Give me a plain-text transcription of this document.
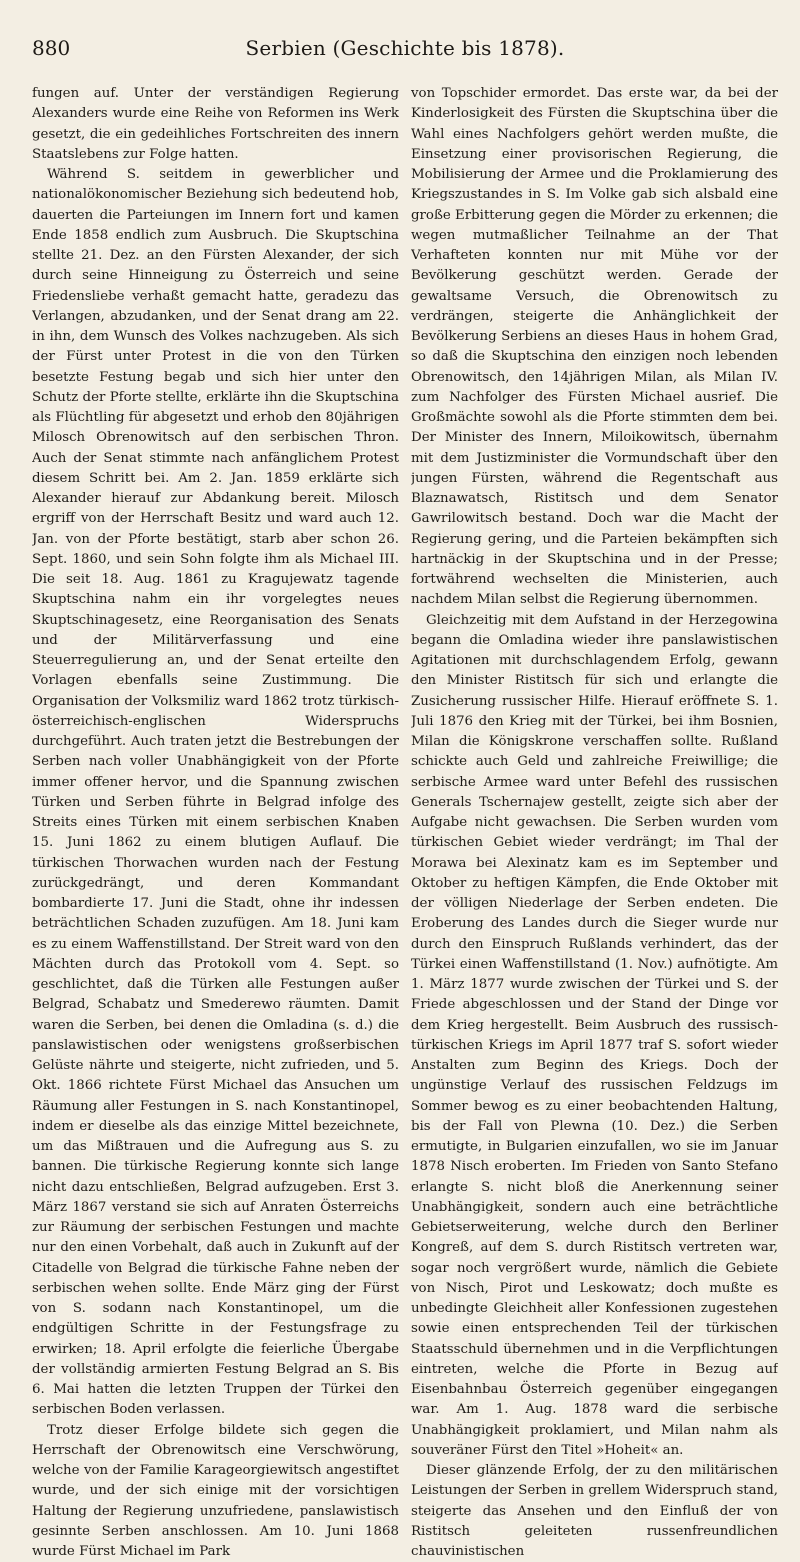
880	Serbien (Geschichte bis 1878).

fungen auf. Unter der verständigen Regierung Alexanders wurde eine Reihe von Reformen ins Werk gesetzt, die ein gedeihliches Fortschreiten des innern Staatslebens zur Folge hatten.

Während S. seitdem in gewerblicher und nationalökonomischer Beziehung sich bedeutend hob, dauerten die Parteiungen im Innern fort und kamen Ende 1858 endlich zum Ausbruch. Die Skuptschina stellte 21. Dez. an den Fürsten Alexander, der sich durch seine Hinneigung zu Österreich und seine Friedensliebe verhaßt gemacht hatte, geradezu das Verlangen, abzudanken, und der Senat drang am 22. in ihn, dem Wunsch des Volkes nachzugeben. Als sich der Fürst unter Protest in die von den Türken besetzte Festung begab und sich hier unter den Schutz der Pforte stellte, erklärte ihn die Skuptschina als Flüchtling für abgesetzt und erhob den 80jährigen Milosch Obrenowitsch auf den serbischen Thron. Auch der Senat stimmte nach anfänglichem Protest diesem Schritt bei. Am 2. Jan. 1859 erklärte sich Alexander hierauf zur Abdankung bereit. Milosch ergriff von der Herrschaft Besitz und ward auch 12. Jan. von der Pforte bestätigt, starb aber schon 26. Sept. 1860, und sein Sohn folgte ihm als Michael III. Die seit 18. Aug. 1861 zu Kragujewatz tagende Skuptschina nahm ein ihr vorgelegtes neues Skuptschinagesetz, eine Reorganisation des Senats und der Militärverfassung und eine Steuerregulierung an, und der Senat erteilte den Vorlagen ebenfalls seine Zustimmung. Die Organisation der Volksmiliz ward 1862 trotz türkisch-österreichisch-englischen Widerspruchs durchgeführt. Auch traten jetzt die Bestrebungen der Serben nach voller Unabhängigkeit von der Pforte immer offener hervor, und die Spannung zwischen Türken und Serben führte in Belgrad infolge des Streits eines Türken mit einem serbischen Knaben 15. Juni 1862 zu einem blutigen Auflauf. Die türkischen Thorwachen wurden nach der Festung zurückgedrängt, und deren Kommandant bombardierte 17. Juni die Stadt, ohne ihr indessen beträchtlichen Schaden zuzufügen. Am 18. Juni kam es zu einem Waffenstillstand. Der Streit ward von den Mächten durch das Protokoll vom 4. Sept. so geschlichtet, daß die Türken alle Festungen außer Belgrad, Schabatz und Smederewo räumten. Damit waren die Serben, bei denen die Omladina (s. d.) die panslawistischen oder wenigstens großserbischen Gelüste nährte und steigerte, nicht zufrieden, und 5. Okt. 1866 richtete Fürst Michael das Ansuchen um Räumung aller Festungen in S. nach Konstantinopel, indem er dieselbe als das einzige Mittel bezeichnete, um das Mißtrauen und die Aufregung aus S. zu bannen. Die türkische Regierung konnte sich lange nicht dazu entschließen, Belgrad aufzugeben. Erst 3. März 1867 verstand sie sich auf Anraten Österreichs zur Räumung der serbischen Festungen und machte nur den einen Vorbehalt, daß auch in Zukunft auf der Citadelle von Belgrad die türkische Fahne neben der serbischen wehen sollte. Ende März ging der Fürst von S. sodann nach Konstantinopel, um die endgültigen Schritte in der Festungsfrage zu erwirken; 18. April erfolgte die feierliche Übergabe der vollständig armierten Festung Belgrad an S. Bis 6. Mai hatten die letzten Truppen der Türkei den serbischen Boden verlassen.

Trotz dieser Erfolge bildete sich gegen die Herrschaft der Obrenowitsch eine Verschwörung, welche von der Familie Karageorgiewitsch angestiftet wurde, und der sich einige mit der vorsichtigen Haltung der Regierung unzufriedene, panslawistisch gesinnte Serben anschlossen. Am 10. Juni 1868 wurde Fürst Michael im Park

von Topschider ermordet. Das erste war, da bei der Kinderlosigkeit des Fürsten die Skuptschina über die Wahl eines Nachfolgers gehört werden mußte, die Einsetzung einer provisorischen Regierung, die Mobilisierung der Armee und die Proklamierung des Kriegszustandes in S. Im Volke gab sich alsbald eine große Erbitterung gegen die Mörder zu erkennen; die wegen mutmaßlicher Teilnahme an der That Verhafteten konnten nur mit Mühe vor der Bevölkerung geschützt werden. Gerade der gewaltsame Versuch, die Obrenowitsch zu verdrängen, steigerte die Anhänglichkeit der Bevölkerung Serbiens an dieses Haus in hohem Grad, so daß die Skuptschina den einzigen noch lebenden Obrenowitsch, den 14jährigen Milan, als Milan IV. zum Nachfolger des Fürsten Michael ausrief. Die Großmächte sowohl als die Pforte stimmten dem bei. Der Minister des Innern, Miloikowitsch, übernahm mit dem Justizminister die Vormundschaft über den jungen Fürsten, während die Regentschaft aus Blaznawatsch, Ristitsch und dem Senator Gawrilowitsch bestand. Doch war die Macht der Regierung gering, und die Parteien bekämpften sich hartnäckig in der Skuptschina und in der Presse; fortwährend wechselten die Ministerien, auch nachdem Milan selbst die Regierung übernommen.

Gleichzeitig mit dem Aufstand in der Herzegowina begann die Omladina wieder ihre panslawistischen Agitationen mit durchschlagendem Erfolg, gewann den Minister Ristitsch für sich und erlangte die Zusicherung russischer Hilfe. Hierauf eröffnete S. 1. Juli 1876 den Krieg mit der Türkei, bei ihm Bosnien, Milan die Königskrone verschaffen sollte. Rußland schickte auch Geld und zahlreiche Freiwillige; die serbische Armee ward unter Befehl des russischen Generals Tschernajew gestellt, zeigte sich aber der Aufgabe nicht gewachsen. Die Serben wurden vom türkischen Gebiet wieder verdrängt; im Thal der Morawa bei Alexinatz kam es im September und Oktober zu heftigen Kämpfen, die Ende Oktober mit der völligen Niederlage der Serben endeten. Die Eroberung des Landes durch die Sieger wurde nur durch den Einspruch Rußlands verhindert, das der Türkei einen Waffenstillstand (1. Nov.) aufnötigte. Am 1. März 1877 wurde zwischen der Türkei und S. der Friede abgeschlossen und der Stand der Dinge vor dem Krieg hergestellt. Beim Ausbruch des russisch-türkischen Kriegs im April 1877 traf S. sofort wieder Anstalten zum Beginn des Kriegs. Doch der ungünstige Verlauf des russischen Feldzugs im Sommer bewog es zu einer beobachtenden Haltung, bis der Fall von Plewna (10. Dez.) die Serben ermutigte, in Bulgarien einzufallen, wo sie im Januar 1878 Nisch eroberten. Im Frieden von Santo Stefano erlangte S. nicht bloß die Anerkennung seiner Unabhängigkeit, sondern auch eine beträchtliche Gebietserweiterung, welche durch den Berliner Kongreß, auf dem S. durch Ristitsch vertreten war, sogar noch vergrößert wurde, nämlich die Gebiete von Nisch, Pirot und Leskowatz; doch mußte es unbedingte Gleichheit aller Konfessionen zugestehen sowie einen entsprechenden Teil der türkischen Staatsschuld übernehmen und in die Verpflichtungen eintreten, welche die Pforte in Bezug auf Eisenbahnbau Österreich gegenüber eingegangen war. Am 1. Aug. 1878 ward die serbische Unabhängigkeit proklamiert, und Milan nahm als souveräner Fürst den Titel »Hoheit« an.

Dieser glänzende Erfolg, der zu den militärischen Leistungen der Serben in grellem Widerspruch stand, steigerte das Ansehen und den Einfluß der von Ristitsch geleiteten russenfreundlichen chauvinistischen
